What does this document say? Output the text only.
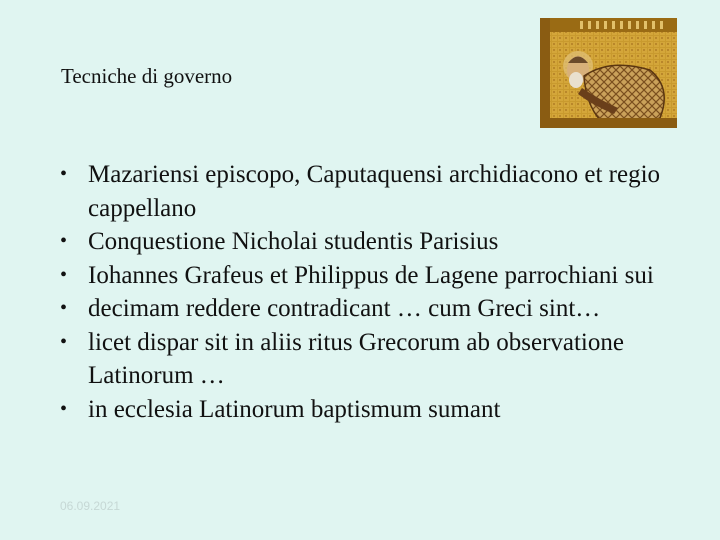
Tecniche di governo
• Mazariensi episcopo, Caputaquensi archidiacono et regio cappellano
• Conquestione Nicholai studentis Parisius
• Iohannes Grafeus et Philippus de Lagene parrochiani sui
• decimam reddere contradicant … cum Greci sint…
• licet dispar sit in aliis ritus Grecorum ab observatione Latinorum …
• in ecclesia Latinorum baptismum sumant
06.09.2021
